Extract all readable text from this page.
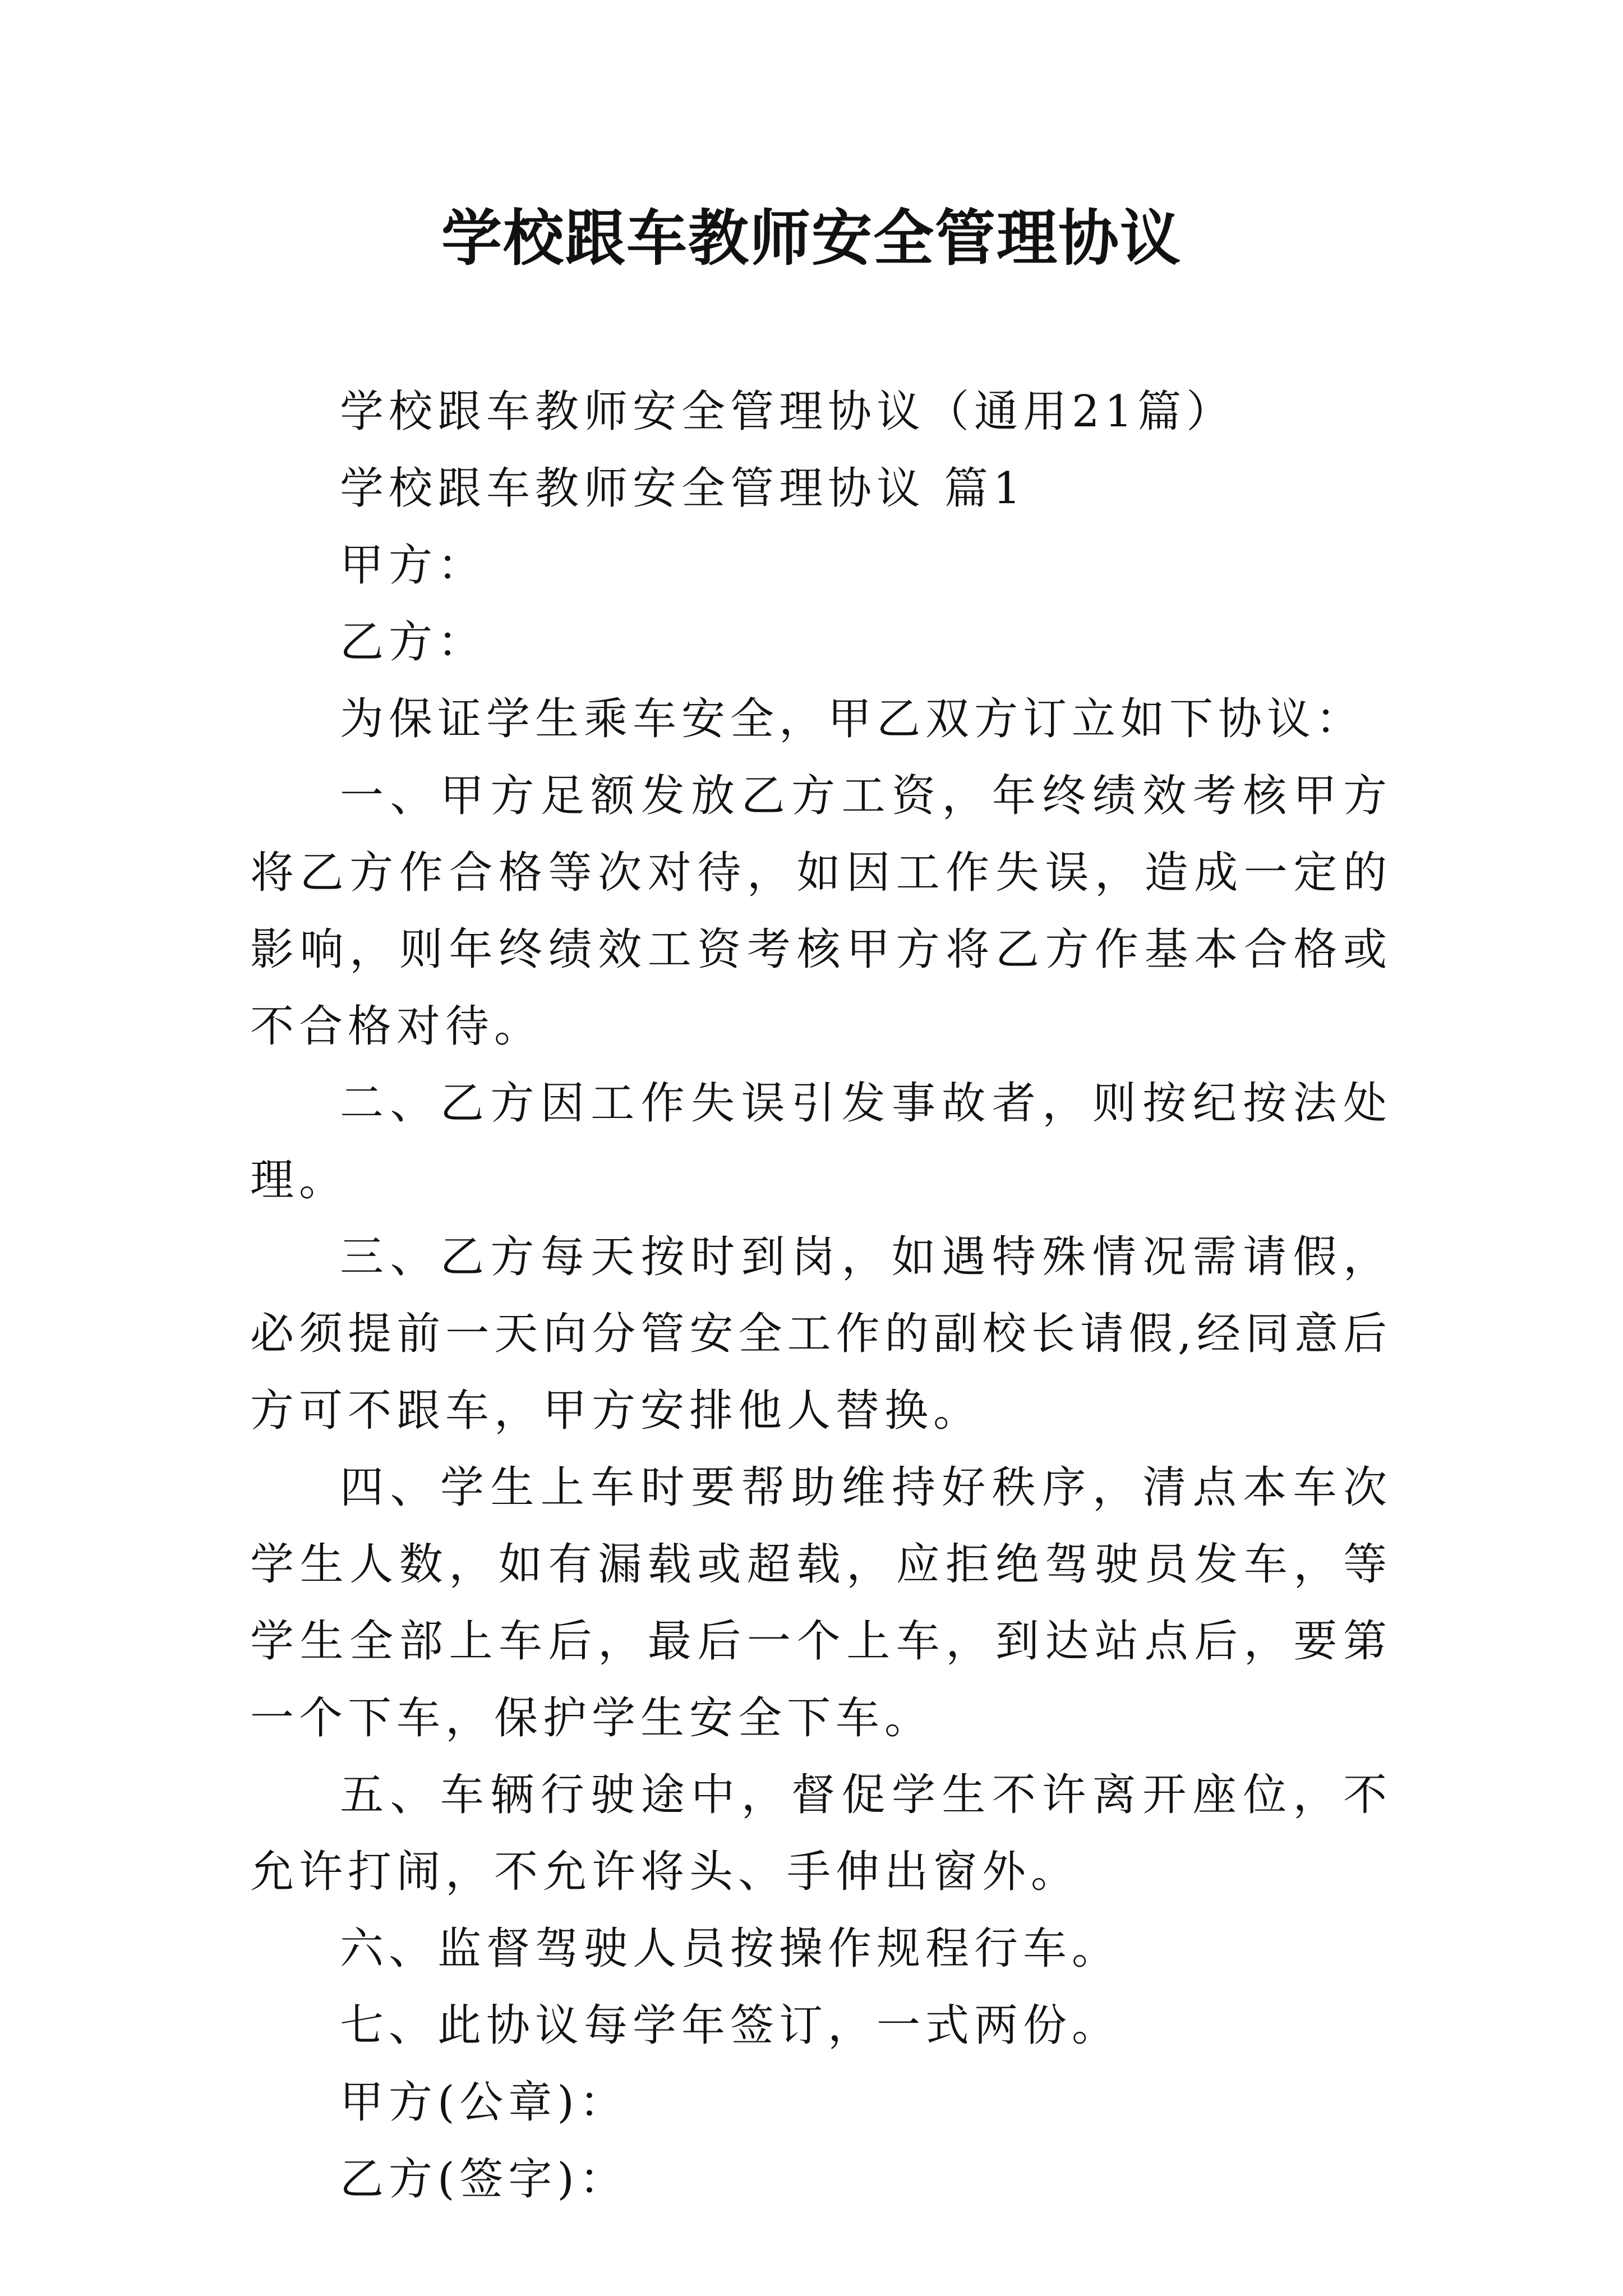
学校跟车教师安全管理协议

学校跟车教师安全管理协议（通用21篇）

学校跟车教师安全管理协议 篇1

甲方：

乙方：

为保证学生乘车安全，甲乙双方订立如下协议：

一、甲方足额发放乙方工资，年终绩效考核甲方将乙方作合格等次对待，如因工作失误，造成一定的影响，则年终绩效工资考核甲方将乙方作基本合格或不合格对待。

二、乙方因工作失误引发事故者，则按纪按法处理。

三、乙方每天按时到岗，如遇特殊情况需请假，必须提前一天向分管安全工作的副校长请假,经同意后方可不跟车，甲方安排他人替换。

四、学生上车时要帮助维持好秩序，清点本车次学生人数，如有漏载或超载，应拒绝驾驶员发车，等学生全部上车后，最后一个上车，到达站点后，要第一个下车，保护学生安全下车。

五、车辆行驶途中，督促学生不许离开座位，不允许打闹，不允许将头、手伸出窗外。

六、监督驾驶人员按操作规程行车。

七、此协议每学年签订，一式两份。

甲方(公章)：

乙方(签字)：
